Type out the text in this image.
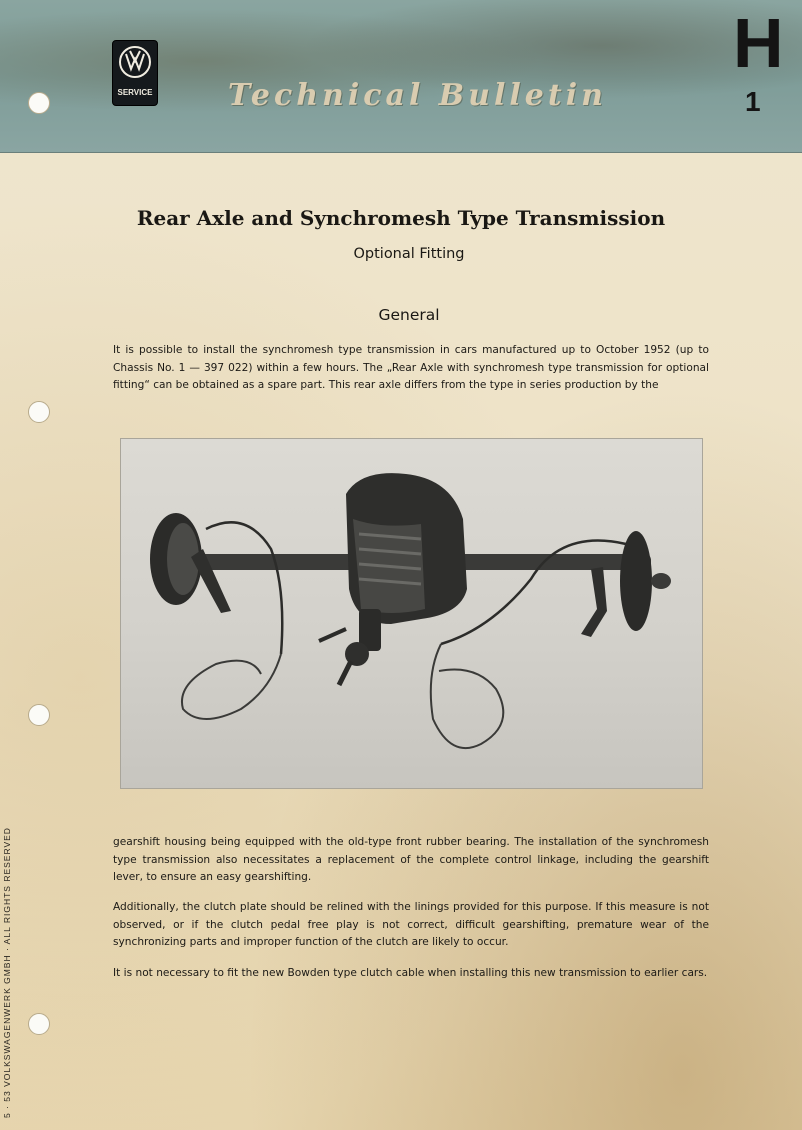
SERVICE	Technical Bulletin
H
1
Rear Axle and Synchromesh Type Transmission
Optional Fitting
General

It is possible to install the synchromesh type transmission in cars manufactured up to October 1952 (up to Chassis No. 1 — 397 022) within a few hours. The „Rear Axle with synchromesh type transmission for optional fitting“ can be obtained as a spare part. This rear axle differs from the type in series production by the

gearshift housing being equipped with the old-type front rubber bearing. The installation of the synchromesh type transmission also necessitates a replacement of the complete control linkage, including the gearshift lever, to ensure an easy gearshifting.

Additionally, the clutch plate should be relined with the linings provided for this purpose. If this measure is not observed, or if the clutch pedal free play is not correct, difficult gearshifting, premature wear of the synchronizing parts and improper function of the clutch are likely to occur.

It is not necessary to fit the new Bowden type clutch cable when installing this new transmission to earlier cars.

5 · 53 VOLKSWAGENWERK GMBH · ALL RIGHTS RESERVED
